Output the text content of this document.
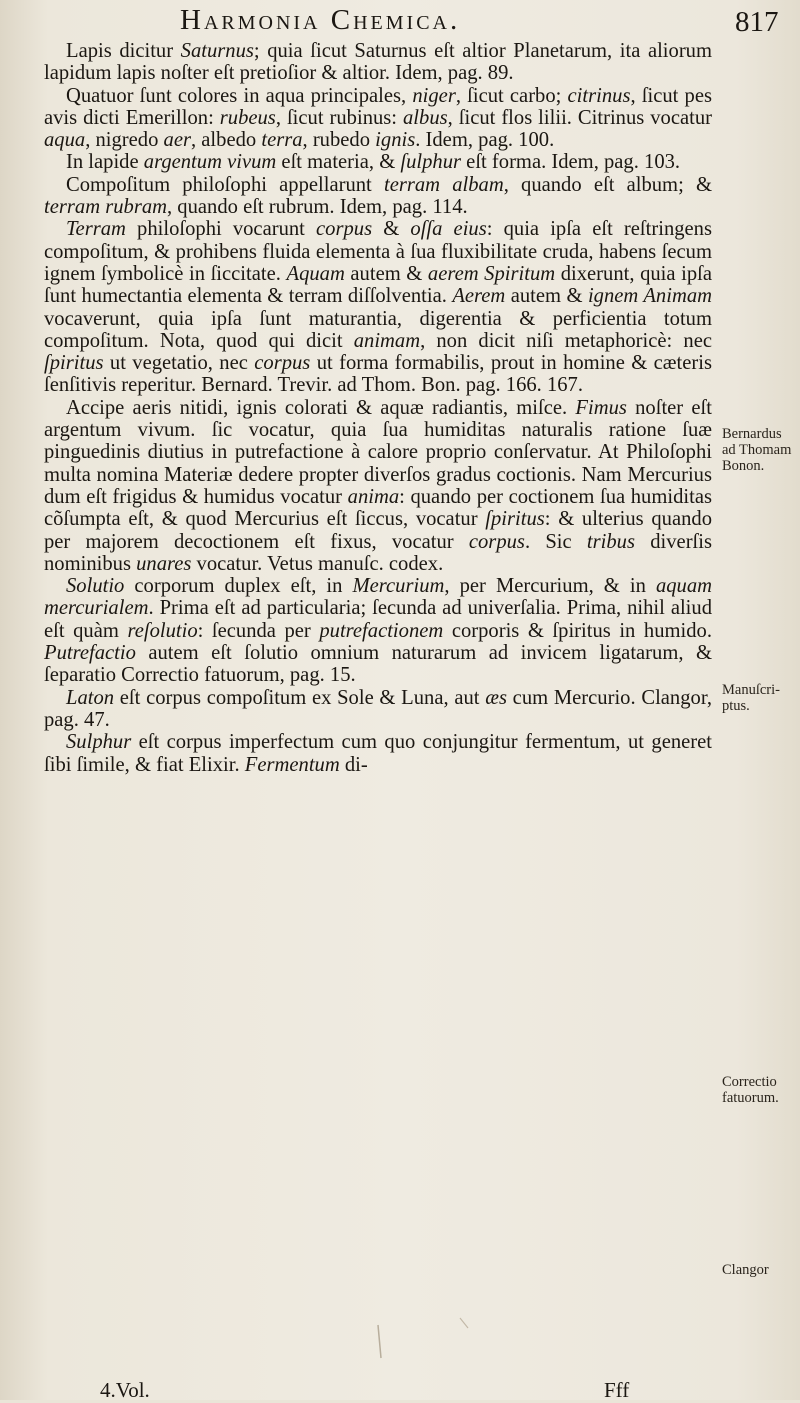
Harmonia Chemica.	817

Lapis dicitur Saturnus; quia ſicut Saturnus eſt altior Planetarum, ita aliorum lapidum lapis noſter eſt pretioſior & altior. Idem, pag. 89.

Quatuor ſunt colores in aqua principales, niger, ſicut carbo; citrinus, ſicut pes avis dicti Emerillon: rubeus, ſicut rubinus: albus, ſicut flos lilii. Citrinus vocatur aqua, nigredo aer, albedo terra, rubedo ignis. Idem, pag. 100.

In lapide argentum vivum eſt materia, & ſulphur eſt forma. Idem, pag. 103.

Compoſitum philoſophi appellarunt terram albam, quando eſt album; & terram rubram, quando eſt rubrum. Idem, pag. 114.

Terram philoſophi vocarunt corpus & oſſa eius: quia ipſa eſt reſtringens compoſitum, & prohibens fluida elementa à ſua fluxibilitate cruda, habens ſecum ignem ſymbolicè in ſiccitate. Aquam autem & aerem Spiritum dixerunt, quia ipſa ſunt humectantia elementa & terram diſſolventia. Aerem autem & ignem Animam vocaverunt, quia ipſa ſunt maturantia, digerentia & perficientia totum compoſitum. Nota, quod qui dicit animam, non dicit niſi metaphoricè: nec ſpiritus ut vegetatio, nec corpus ut forma formabilis, prout in homine & cæteris ſenſitivis reperitur. Bernard. Trevir. ad Thom. Bon. pag. 166. 167.

Accipe aeris nitidi, ignis colorati & aquæ radiantis, miſce. Fimus noſter eſt argentum vivum. ſic vocatur, quia ſua humiditas naturalis ratione ſuæ pinguedinis diutius in putrefactione à calore proprio conſervatur. At Philoſophi multa nomina Materiæ dedere propter diverſos gradus coctionis. Nam Mercurius dum eſt frigidus & humidus vocatur anima: quando per coctionem ſua humiditas cõſumpta eſt, & quod Mercurius eſt ſiccus, vocatur ſpiritus: & ulterius quando per majorem decoctionem eſt fixus, vocatur corpus. Sic tribus diverſis nominibus unares vocatur. Vetus manuſc. codex.

Solutio corporum duplex eſt, in Mercurium, per Mercurium, & in aquam mercurialem. Prima eſt ad particularia; ſecunda ad univerſalia. Prima, nihil aliud eſt quàm reſolutio: ſecunda per putrefactionem corporis & ſpiritus in humido. Putrefactio autem eſt ſolutio omnium naturarum ad invicem ligatarum, & ſeparatio Correctio fatuorum, pag. 15.

Laton eſt corpus compoſitum ex Sole & Luna, aut æs cum Mercurio. Clangor, pag. 47.

Sulphur eſt corpus imperfectum cum quo conjungitur fermentum, ut generet ſibi ſimile, & fiat Elixir. Fermentum di-

Bernardus ad Thomam Bonon.
Manuſcriptus.
Correctio fatuorum.
Clangor
4.Vol.	Fff
